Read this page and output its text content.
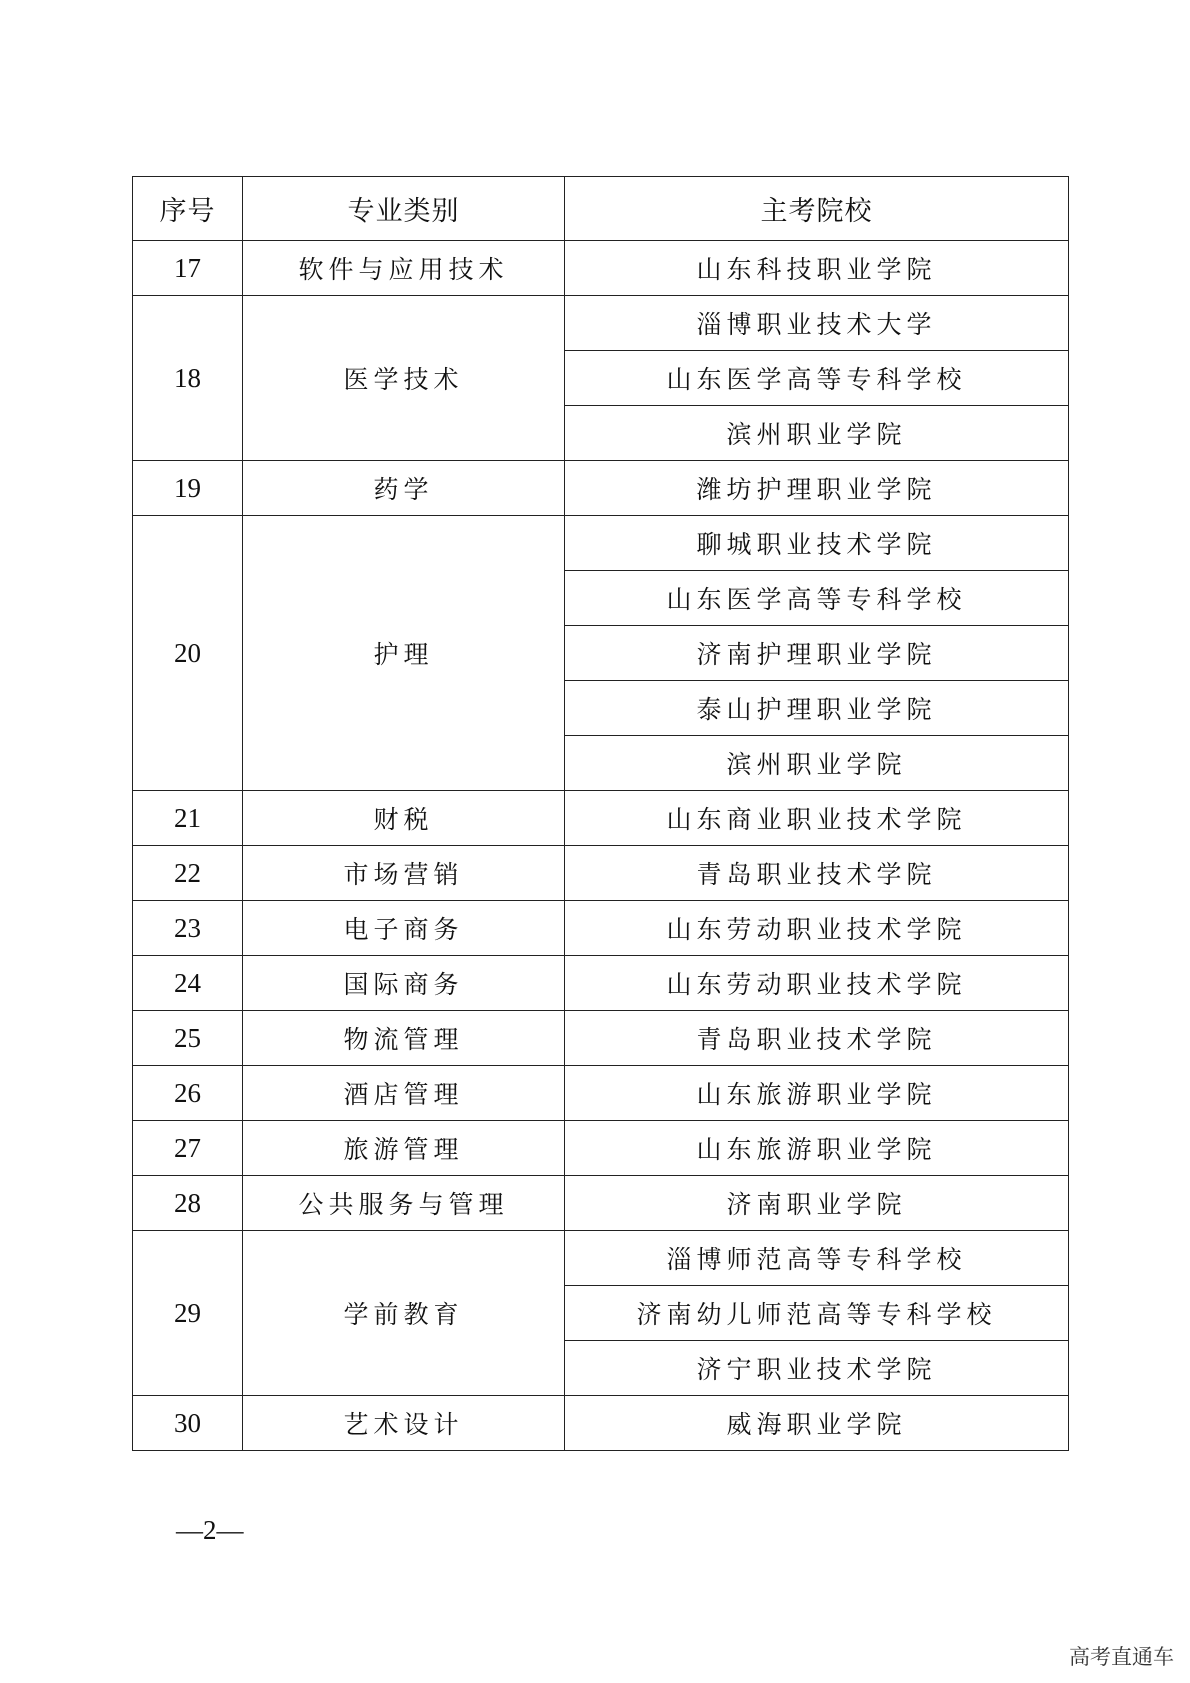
序号	专业类别	主考院校
17	软件与应用技术	山东科技职业学院
18	医学技术	淄博职业技术大学
		山东医学高等专科学校
		滨州职业学院
19	药学	潍坊护理职业学院
20	护理	聊城职业技术学院
		山东医学高等专科学校
		济南护理职业学院
		泰山护理职业学院
		滨州职业学院
21	财税	山东商业职业技术学院
22	市场营销	青岛职业技术学院
23	电子商务	山东劳动职业技术学院
24	国际商务	山东劳动职业技术学院
25	物流管理	青岛职业技术学院
26	酒店管理	山东旅游职业学院
27	旅游管理	山东旅游职业学院
28	公共服务与管理	济南职业学院
29	学前教育	淄博师范高等专科学校
		济南幼儿师范高等专科学校
		济宁职业技术学院
30	艺术设计	威海职业学院
—2—
高考直通车
